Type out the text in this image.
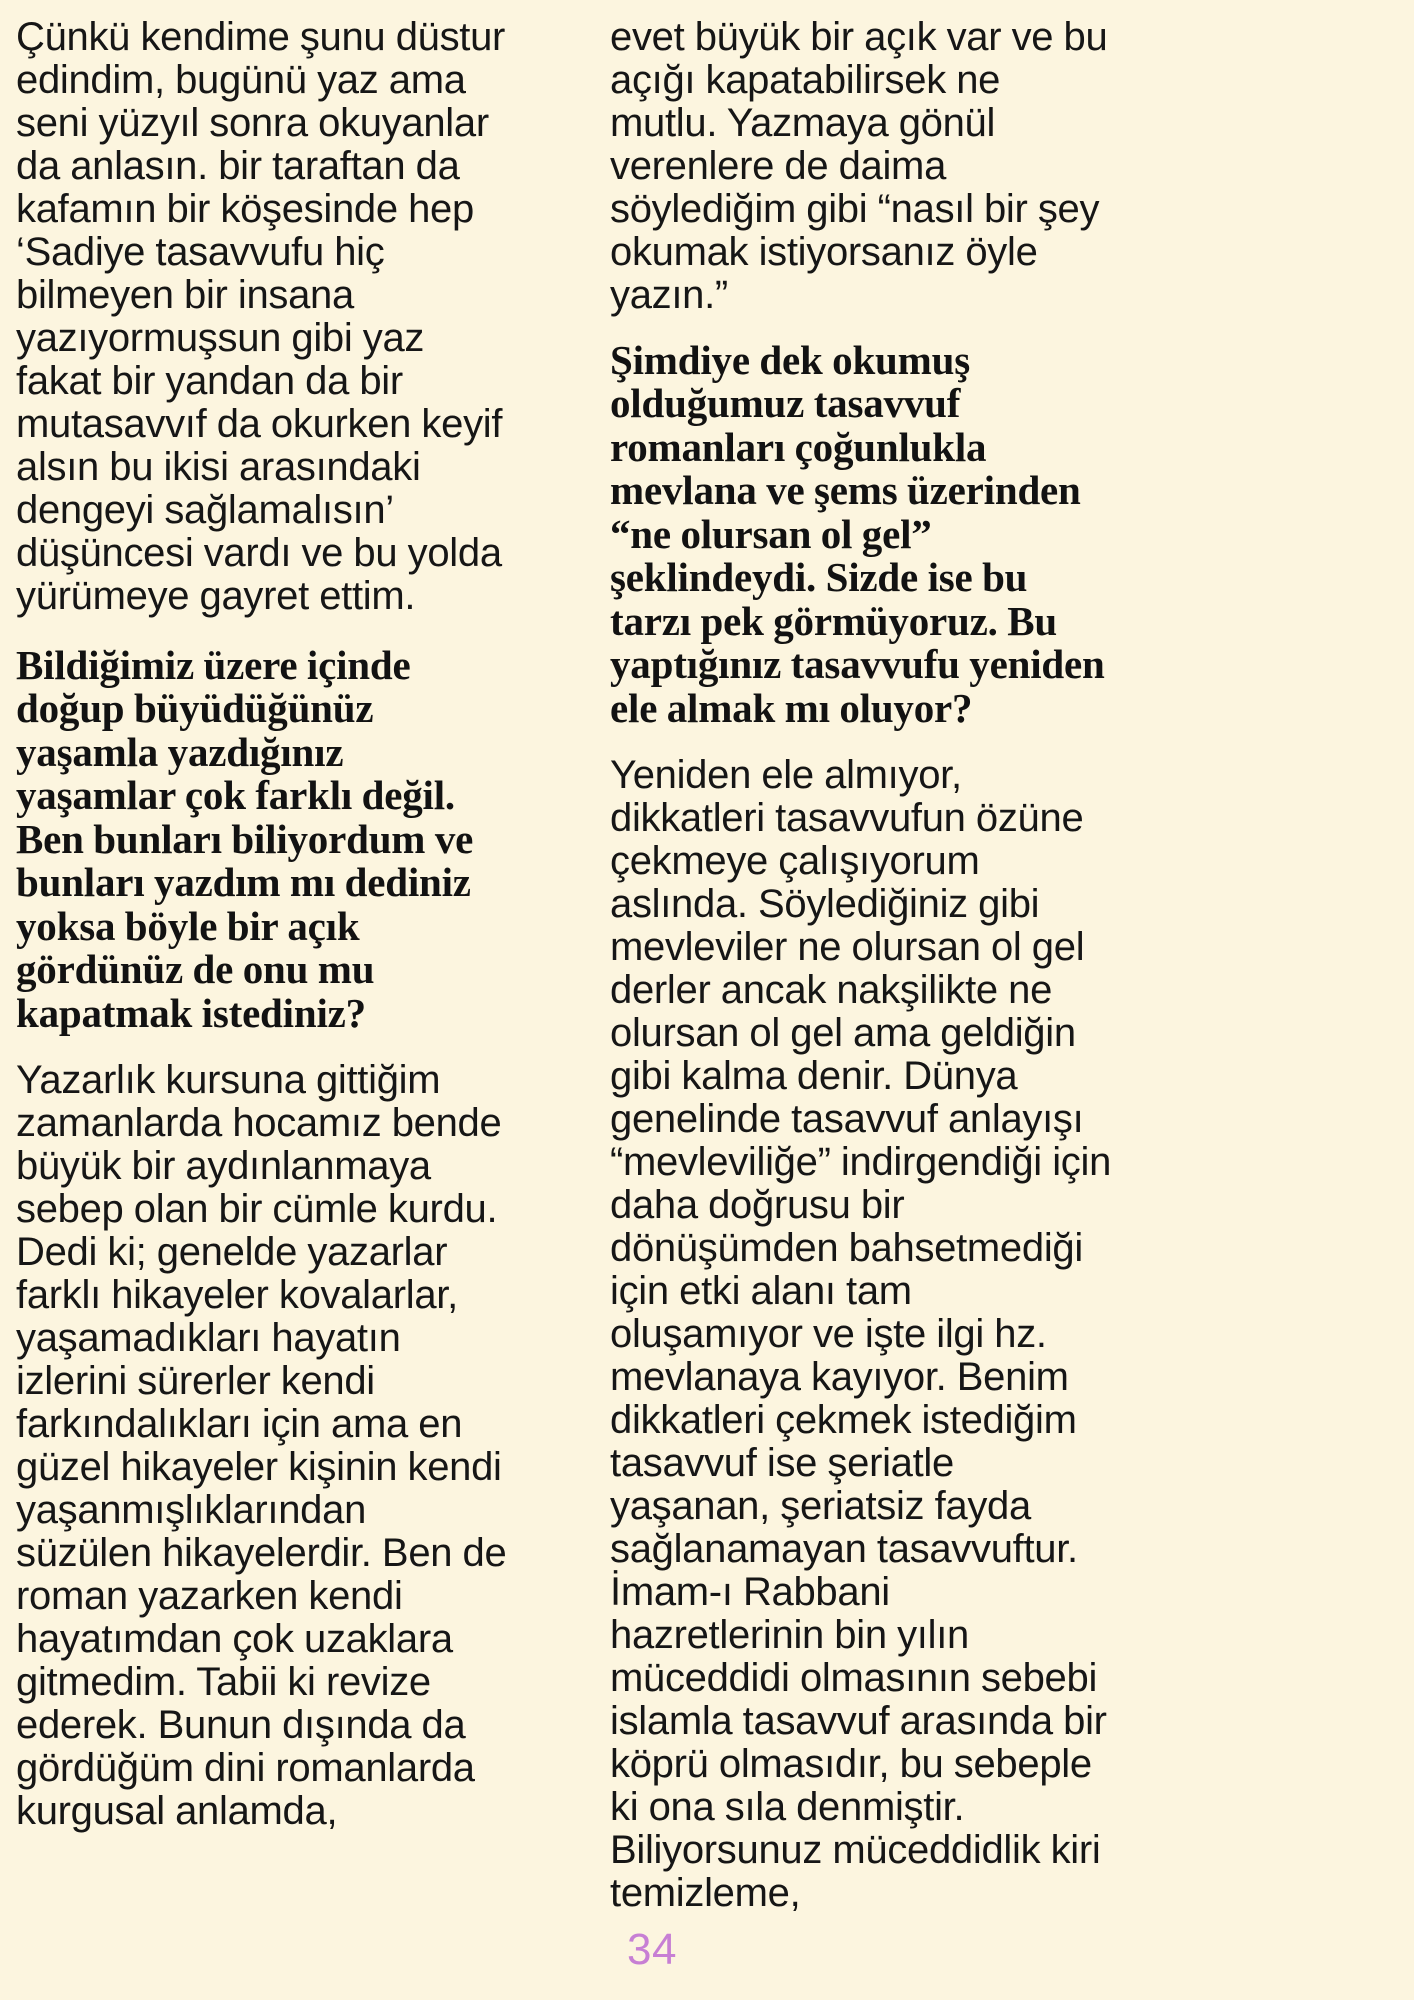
Çünkü kendime şunu düstur edindim, bugünü yaz ama seni yüzyıl sonra okuyanlar da anlasın. bir taraftan da kafamın bir köşesinde hep ‘Sadiye tasavvufu hiç bilmeyen bir insana yazıyormuşsun gibi yaz fakat bir yandan da bir mutasavvıf da okurken keyif alsın bu ikisi arasındaki dengeyi sağlamalısın’ düşüncesi vardı ve bu yolda yürümeye gayret ettim.

Bildiğimiz üzere içinde doğup büyüdüğünüz yaşamla yazdığınız yaşamlar çok farklı değil. Ben bunları biliyordum ve bunları yazdım mı dediniz yoksa böyle bir açık gördünüz de onu mu kapatmak istediniz?

Yazarlık kursuna gittiğim zamanlarda hocamız bende büyük bir aydınlanmaya sebep olan bir cümle kurdu. Dedi ki; genelde yazarlar farklı hikayeler kovalarlar, yaşamadıkları hayatın izlerini sürerler kendi farkındalıkları için ama en güzel hikayeler kişinin kendi yaşanmışlıklarından süzülen hikayelerdir. Ben de roman yazarken kendi hayatımdan çok uzaklara gitmedim. Tabii ki revize ederek. Bunun dışında da gördüğüm dini romanlarda kurgusal anlamda,

evet büyük bir açık var ve bu açığı kapatabilirsek ne mutlu. Yazmaya gönül verenlere de daima söylediğim gibi “nasıl bir şey okumak istiyorsanız öyle yazın.”

Şimdiye dek okumuş olduğumuz tasavvuf romanları çoğunlukla mevlana ve şems üzerinden “ne olursan ol gel” şeklindeydi. Sizde ise bu tarzı pek görmüyoruz. Bu yaptığınız tasavvufu yeniden ele almak mı oluyor?

Yeniden ele almıyor, dikkatleri tasavvufun özüne çekmeye çalışıyorum aslında. Söylediğiniz gibi mevleviler ne olursan ol gel derler ancak nakşilikte ne olursan ol gel ama geldiğin gibi kalma denir. Dünya genelinde tasavvuf anlayışı “mevleviliğe” indirgendiği için daha doğrusu bir dönüşümden bahsetmediği için etki alanı tam oluşamıyor ve işte ilgi hz. mevlanaya kayıyor. Benim dikkatleri çekmek istediğim tasavvuf ise şeriatle yaşanan, şeriatsiz fayda sağlanamayan tasavvuftur. İmam-ı Rabbani hazretlerinin bin yılın müceddidi olmasının sebebi islamla tasavvuf arasında bir köprü olmasıdır, bu sebeple ki ona sıla denmiştir. Biliyorsunuz müceddidlik kiri temizleme,

34
